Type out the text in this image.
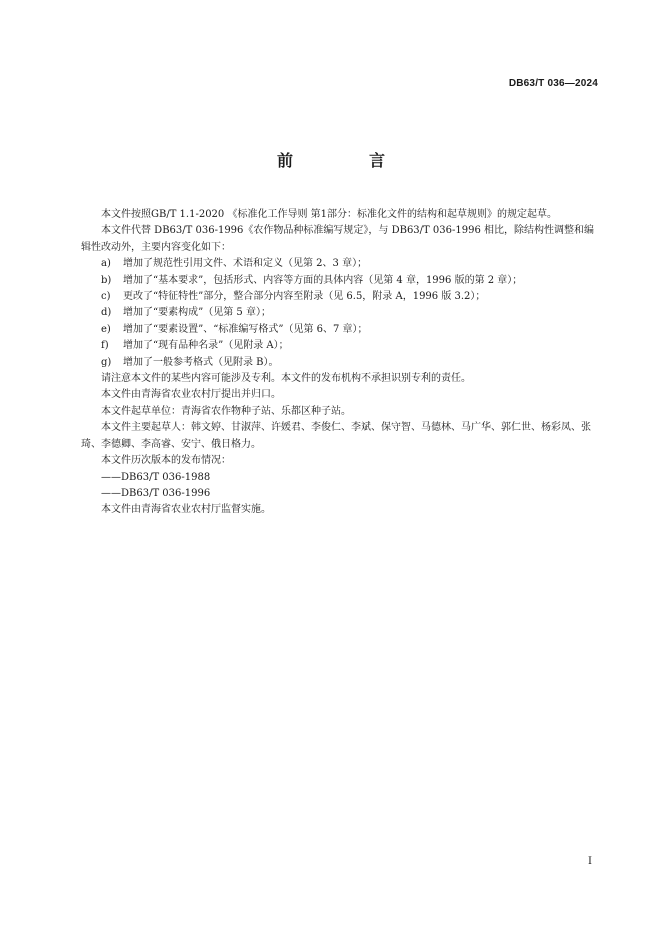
DB63/T 036—2024

前　言

本文件按照GB/T 1.1-2020 《标准化工作导则 第1部分：标准化文件的结构和起草规则》的规定起草。

本文件代替 DB63/T 036-1996《农作物品种标准编写规定》，与 DB63/T 036-1996 相比，除结构性调整和编辑性改动外，主要内容变化如下：

a)	增加了规范性引用文件、术语和定义（见第 2、3 章）；

b)	增加了“基本要求”，包括形式、内容等方面的具体内容（见第 4 章，1996 版的第 2 章）；

c)	更改了“特征特性”部分，整合部分内容至附录（见 6.5，附录 A，1996 版 3.2）；

d)	增加了“要素构成”（见第 5 章）；

e)	增加了“要素设置”、“标准编写格式”（见第 6、7 章）；

f)	增加了“现有品种名录”（见附录 A）；

g)	增加了一般参考格式（见附录 B）。

请注意本文件的某些内容可能涉及专利。本文件的发布机构不承担识别专利的责任。

本文件由青海省农业农村厅提出并归口。

本文件起草单位：青海省农作物种子站、乐都区种子站。

本文件主要起草人：韩文婷、甘淑萍、许媛君、李俊仁、李斌、保守智、马德林、马广华、郭仁世、杨彩凤、张琦、李德卿、李高睿、安宁、俄日格力。

本文件历次版本的发布情况：

——DB63/T 036-1988

——DB63/T 036-1996

本文件由青海省农业农村厅监督实施。

I
